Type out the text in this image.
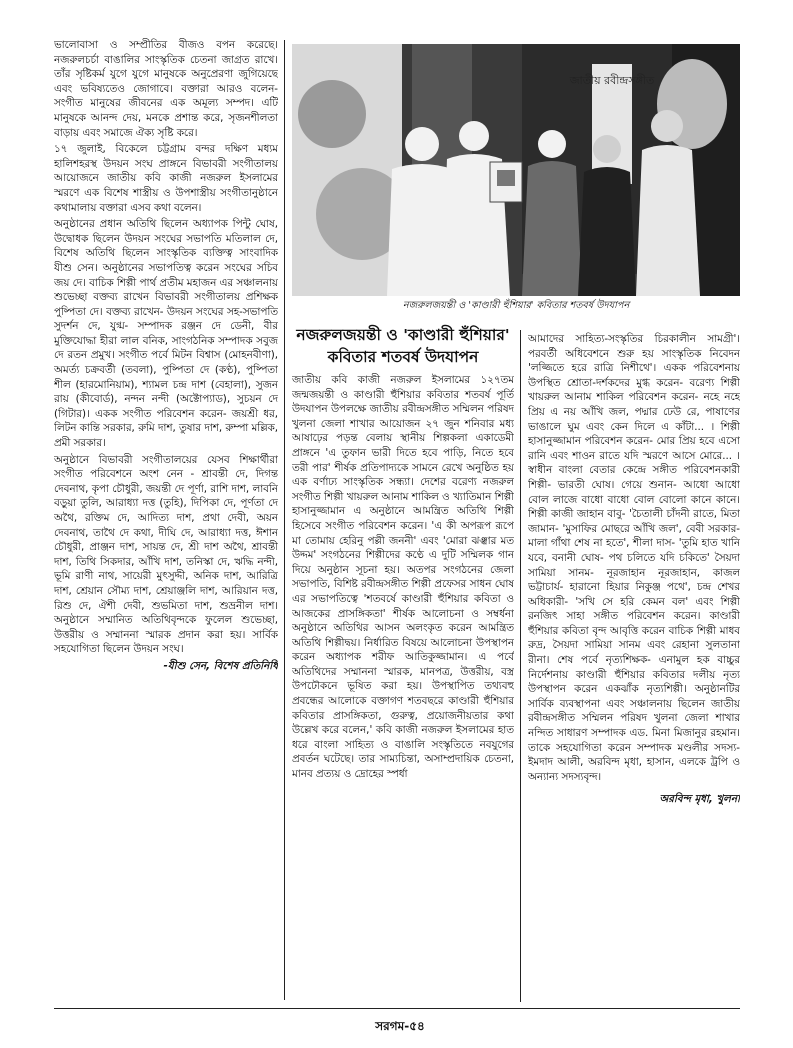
ভালোবাসা ও সম্প্রীতির বীজও বপন করেছে। নজরুলচর্চা বাঙালির সাংস্কৃতিক চেতনা জাগ্রত রাখে। তাঁর সৃষ্টিকর্ম যুগে যুগে মানুষকে অনুপ্রেরণা জুগিয়েছে এবং ভবিষ্যতেও জোগাবে। বক্তারা আরও বলেন- সংগীত মানুষের জীবনের এক অমূল্য সম্পদ। এটি মানুষকে আনন্দ দেয়, মনকে প্রশান্ত করে, সৃজনশীলতা বাড়ায় এবং সমাজে ঐক্য সৃষ্টি করে।

১৭ জুলাই, বিকেলে চট্টগ্রাম বন্দর দক্ষিণ মধ্যম হালিশহরস্থ উদয়ন সংঘ প্রাঙ্গনে বিভাবরী সংগীতালয় আয়োজনে জাতীয় কবি কাজী নজরুল ইসলামের স্মরণে এক বিশেষ শাস্ত্রীয় ও উপশাস্ত্রীয় সংগীতানুষ্ঠানে কথামালায় বক্তারা এসব কথা বলেন।

অনুষ্ঠানের প্রধান অতিথি ছিলেন অধ্যাপক পিন্টু ঘোষ, উদ্বোধক ছিলেন উদয়ন সংঘের সভাপতি মতিলাল দে, বিশেষ অতিথি ছিলেন সাংস্কৃতিক ব্যক্তিত্ব সাংবাদিক যীশু সেন। অনুষ্ঠানের সভাপতিত্ব করেন সংঘের সচিব জয় দে। বাচিক শিল্পী পার্থ প্রতীম মহাজন এর সঞ্চালনায় শুভেচ্ছা বক্তব্য রাখেন বিভাবরী সংগীতালয় প্রশিক্ষক পুষ্পিতা দে। বক্তব্য রাখেন- উদয়ন সংঘের সহ-সভাপতি সুদর্শন দে, যুগ্ম- সম্পাদক রঞ্জন দে ডেনী, বীর মুক্তিযোদ্ধা হীরা লাল বনিক, সাংগঠনিক সম্পাদক সবুজ দে রতন প্রমুখ। সংগীত পর্বে মিটন বিশ্বাস (মোহনবীণা), অমর্ত্য চক্রবর্তী (তবলা), পুষ্পিতা দে (কণ্ঠ), পুষ্পিতা শীল (হারমোনিয়াম), শ্যামল চন্দ্র দাশ (বেহালা), সুজন রায় (কীবোর্ড), নন্দন নন্দী (অক্টোপ্যাড), সুচয়ন দে (গিটার)। একক সংগীত পরিবেশন করেন- জয়শ্রী ধর, লিটন কান্তি সরকার, রুমি দাশ, তুষার দাশ, রুম্পা মল্লিক, প্রমী সরকার।

অনুষ্ঠানে বিভাবরী সংগীতালয়ের যেসব শিক্ষার্থীরা সংগীত পরিবেশনে অংশ নেন - শ্রাবন্তী দে, দিগন্ত দেবনাথ, কৃপা চৌধুরী, জয়ন্তী দে পূর্ণা, রাশি দাশ, লাবনি বড়ুয়া তুলি, আরাধ্যা দত্ত (তুহি), দিপিকা দে, পূর্ণতা দে অথৈ, রক্তিম দে, আদিত্য দাশ, প্রথা দেবী, অয়ন দেবনাথ, তাথৈ দে কথা, দীঘি দে, আরাধ্যা দত্ত, ঈশান চৌধুরী, প্রাঞ্জন দাশ, সায়ন্ত দে, শ্রী দাশ অথৈ, শ্রাবন্তী দাশ, তিথি সিকদার, আঁখি দাশ, তনিস্কা দে, ঋদ্ধি নন্দী, ভূমি রাণী নাথ, সায়েরী মুৎসুদ্দী, অনিক দাশ, আরিত্রি দাশ, শ্রেয়ান সৌম্য দাশ, শ্রেয়াঞ্জলি দাশ, আরিয়ান দত্ত, রিশু দে, ঐশী দেবী, শুভমিতা দাশ, শুভ্রনীল দাশ। অনুষ্ঠানে সম্মানিত অতিথিবৃন্দকে ফুলেল শুভেচ্ছা, উত্তরীয় ও সম্মাননা স্মারক প্রদান করা হয়। সার্বিক সহযোগিতা ছিলেন উদয়ন সংঘ।

-যীশু সেন, বিশেষ প্রতিনিধি
জাতীয় রবীন্দ্রসঙ্গীত
নজরুলজয়ন্তী ও 'কাণ্ডারী হুঁশিয়ার' কবিতার শতবর্ষ উদযাপন
নজরুলজয়ন্তী ও 'কাণ্ডারী হুঁশিয়ার'
কবিতার শতবর্ষ উদযাপন

জাতীয় কবি কাজী নজরুল ইসলামের ১২৭তম জন্মজয়ন্তী ও কাণ্ডারী হুঁশিয়ার কবিতার শতবর্ষ পূর্তি উদযাপন উপলক্ষে জাতীয় রবীন্দ্রসঙ্গীত সম্মিলন পরিষদ খুলনা জেলা শাখার আয়োজন ২৭ জুন শনিবার মধ্য আষাঢ়ের পড়ন্ত বেলায় স্থানীয় শিল্পকলা একাডেমী প্রাঙ্গনে 'এ তুফান ভারী দিতে হবে পাড়ি, নিতে হবে তরী পার' শীর্ষক প্রতিপাদ্যকে সামনে রেখে অনুষ্ঠিত হয় এক বর্ণাঢ্য সাংস্কৃতিক সন্ধ্যা। দেশের বরেণ্য নজরুল সংগীত শিল্পী খায়রুল আনাম শাকিল ও খ্যাতিমান শিল্পী হাসানুজ্জামান এ অনুষ্ঠানে আমন্ত্রিত অতিথি শিল্পী হিসেবে সংগীত পরিবেশন করেন। 'এ কী অপরূপ রূপে মা তোমায় হেরিনু পল্লী জননী' এবং 'মোরা ঝঞ্ঝার মত উদ্দম' সংগঠনের শিল্পীদের কণ্ঠে এ দুটি সম্মিলক গান দিয়ে অনুষ্ঠান সূচনা হয়। অতপর সংগঠনের জেলা সভাপতি, বিশিষ্ট রবীন্দ্রসঙ্গীত শিল্পী প্রফেসর সাধন ঘোষ এর সভাপতিত্বে 'শতবর্ষে কাণ্ডারী হুঁশিয়ার কবিতা ও আজকের প্রাসঙ্গিকতা' শীর্ষক আলোচনা ও সম্বর্ধনা অনুষ্ঠানে অতিথির আসন অলংকৃত করেন আমন্ত্রিত অতিথি শিল্পীদ্বয়। নির্ধারিত বিষয়ে আলোচনা উপস্থাপন করেন অধ্যাপক শরীফ আতিকুজ্জামান। এ পর্বে অতিথিদের সম্মাননা স্মারক, মানপত্র, উত্তরীয়, বস্ত্র উপঢৌকনে ভূষিত করা হয়। উপস্থাপিত তথ্যবহু প্রবন্ধের আলোকে বক্তাগণ শতবছরে কাণ্ডারী হুঁশিয়ার কবিতার প্রাসঙ্গিকতা, গুরুত্ব, প্রয়োজনীয়তার কথা উল্লেখ করে বলেন,' কবি কাজী নজরুল ইসলামের হাত ধরে বাংলা সাহিত্য ও বাঙালি সংস্কৃতিতে নবযুগের প্রবর্তন ঘটেছে। তার সাম্যচিন্তা, অসাম্প্রদায়িক চেতনা, মানব প্রত্যয় ও দ্রোহের স্পর্ধা

আমাদের সাহিত্য-সংস্কৃতির চিরকালীন সামগ্রী'। পরবর্তী অধিবেশনে শুরু হয় সাংস্কৃতিক নিবেদন 'লজ্জিতে হরে রাত্রি নিশীথে'। একক পরিবেশনায় উপস্থিত শ্রোতা-দর্শকদের মুগ্ধ করেন- বরেণ্য শিল্পী খায়রুল আনাম শাকিল পরিবেশন করেন- নহে নহে প্রিয় এ নয় আঁখি জল, পদ্মার ঢেউ রে, পাষাণের ভাঙালে ঘুম এবং কেন দিলে এ কাঁটা... । শিল্পী হাসানুজ্জামান পরিবেশন করেন- মোর প্রিয় হবে এসো রানি এবং শাওন রাতে যদি স্মরণে আসে মোরে... । স্বাধীন বাংলা বেতার কেন্দ্রে সঙ্গীত পরিবেশনকারী শিল্পী- ভারতী ঘোষ। গেয়ে শুনান- আধো আধো বোল লাজে বাধো বাধো বোল বোলো কানে কানে। শিল্পী কাজী জাহান বাবু- 'চৈতালী চাঁদনী রাতে, মিতা জামান- 'মুসাফির মোছরে আঁখি জল', বেবী সরকার- মালা গাঁথা শেষ না হতে', শীলা দাস- 'তুমি হাত খানি যবে, বনানী ঘোষ- পথ চলিতে যদি চকিতে' সৈয়দা সামিয়া সানম- নূরজাহান নূরজাহান, কাজল ভট্টাচার্য- হারানো হিয়ার নিকুঞ্জ পথে', চন্দ্র শেখর অধিকারী- 'সখি সে হরি কেমন বল' এবং শিল্পী রনজিৎ সাহা সঙ্গীত পরিবেশন করেন। কাণ্ডারী হুঁশিয়ার কবিতা বৃন্দ আবৃত্তি করেন বাচিক শিল্পী মাধব রুদ্র, সৈয়দা সামিয়া সানম এবং রেহানা সুলতানা রীনা। শেষ পর্বে নৃত্যশিক্ষক- এনামুল হক বাচ্চুর নির্দেশনায় কাণ্ডারী হুঁশিয়ার কবিতার দলীয় নৃত্য উপস্থাপন করেন একঝাঁক নৃত্যশিল্পী। অনুষ্ঠানটির সার্বিক ব্যবস্থাপনা এবং সঞ্চালনায় ছিলেন জাতীয় রবীন্দ্রসঙ্গীত সম্মিলন পরিষদ খুলনা জেলা শাখার নন্দিত সাধারণ সম্পাদক এড. মিনা মিজানুর রহমান। তাকে সহযোগিতা করেন সম্পাদক মণ্ডলীর সদস্য- ইমদাদ আলী, অরবিন্দ মৃধা, হাসান, এলকে ট্রপি ও অন্যান্য সদস্যবৃন্দ।

অরবিন্দ মৃধা, খুলনা
সরগম-৫৪
